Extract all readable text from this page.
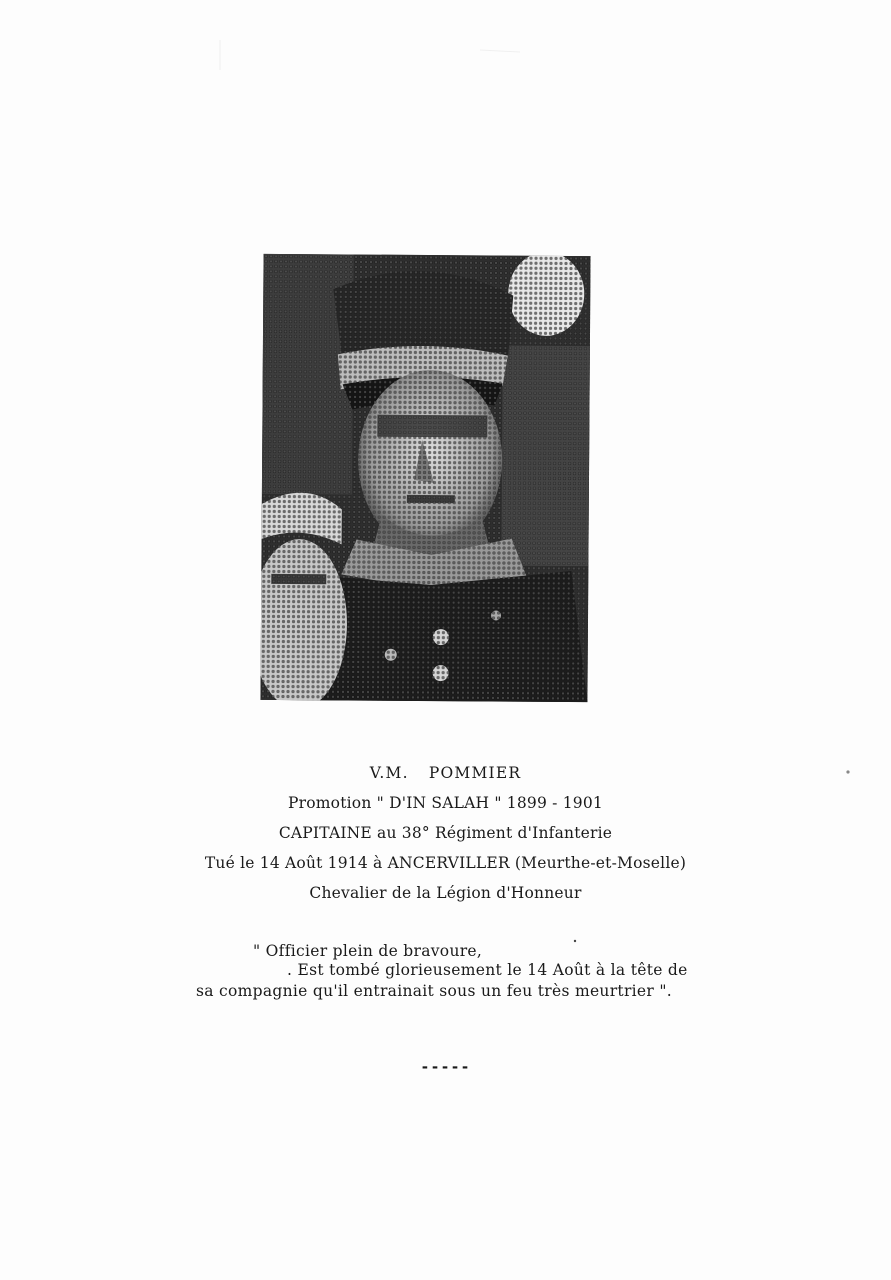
V.M. POMMIER
Promotion " D'IN SALAH " 1899 - 1901
CAPITAINE au 38° Régiment d'Infanterie
Tué le 14 Août 1914 à ANCERVILLER (Meurthe-et-Moselle)
Chevalier de la Légion d'Honneur
" Officier plein de bravoure,
. Est tombé glorieusement le 14 Août à la tête de
sa compagnie qu'il entrainait sous un feu très meurtrier ".
-----
